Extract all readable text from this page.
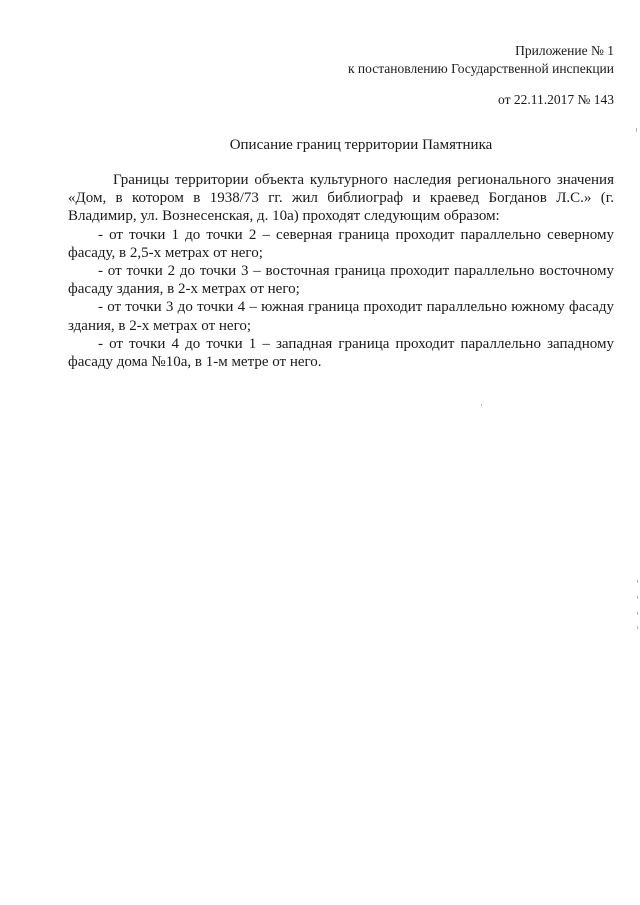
Приложение № 1
к постановлению Государственной инспекции
от 22.11.2017 № 143
Описание границ территории Памятника

Границы территории объекта культурного наследия регионального значения «Дом, в котором в 1938/73 гг. жил библиограф и краевед Богданов Л.С.» (г. Владимир, ул. Вознесенская, д. 10а) проходят следующим образом:

- от точки 1 до точки 2 – северная граница проходит параллельно северному фасаду, в 2,5-х метрах от него;

- от точки 2 до точки 3 – восточная граница проходит параллельно восточному фасаду здания, в 2-х метрах от него;

- от точки 3 до точки 4 – южная граница проходит параллельно южному фасаду здания, в 2-х метрах от него;

- от точки 4 до точки 1 – западная граница проходит параллельно западному фасаду дома №10а, в 1-м метре от него.
